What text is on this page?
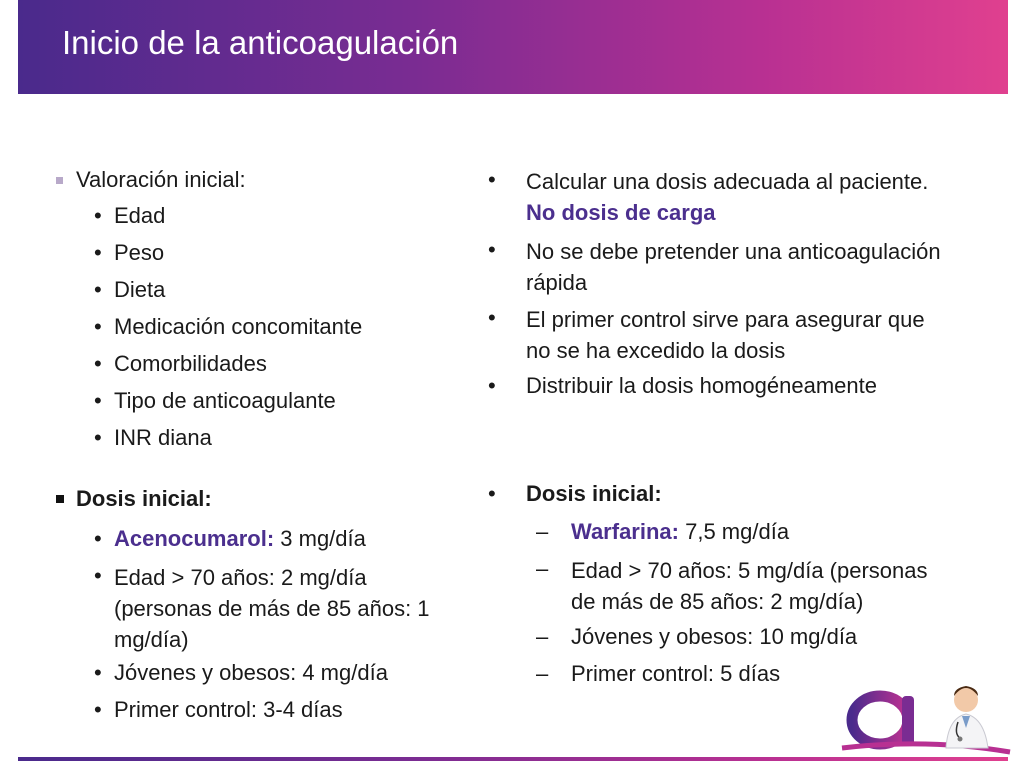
Inicio de la anticoagulación
Valoración inicial:
• Edad
• Peso
• Dieta
• Medicación concomitante
• Comorbilidades
• Tipo de anticoagulante
• INR diana
Dosis inicial:
• Acenocumarol: 3 mg/día
• Edad > 70 años: 2 mg/día
(personas de más de 85 años: 1
mg/día)
• Jóvenes y obesos: 4 mg/día
• Primer control: 3-4 días
• Calcular una dosis adecuada al paciente.
No dosis de carga
• No se debe pretender una anticoagulación
rápida
• El primer control sirve para asegurar que
no se ha excedido la dosis
• Distribuir la dosis homogéneamente
• Dosis inicial:
– Warfarina: 7,5 mg/día
– Edad > 70 años: 5 mg/día (personas
de más de 85 años: 2 mg/día)
– Jóvenes y obesos: 10 mg/día
– Primer control: 5 días
